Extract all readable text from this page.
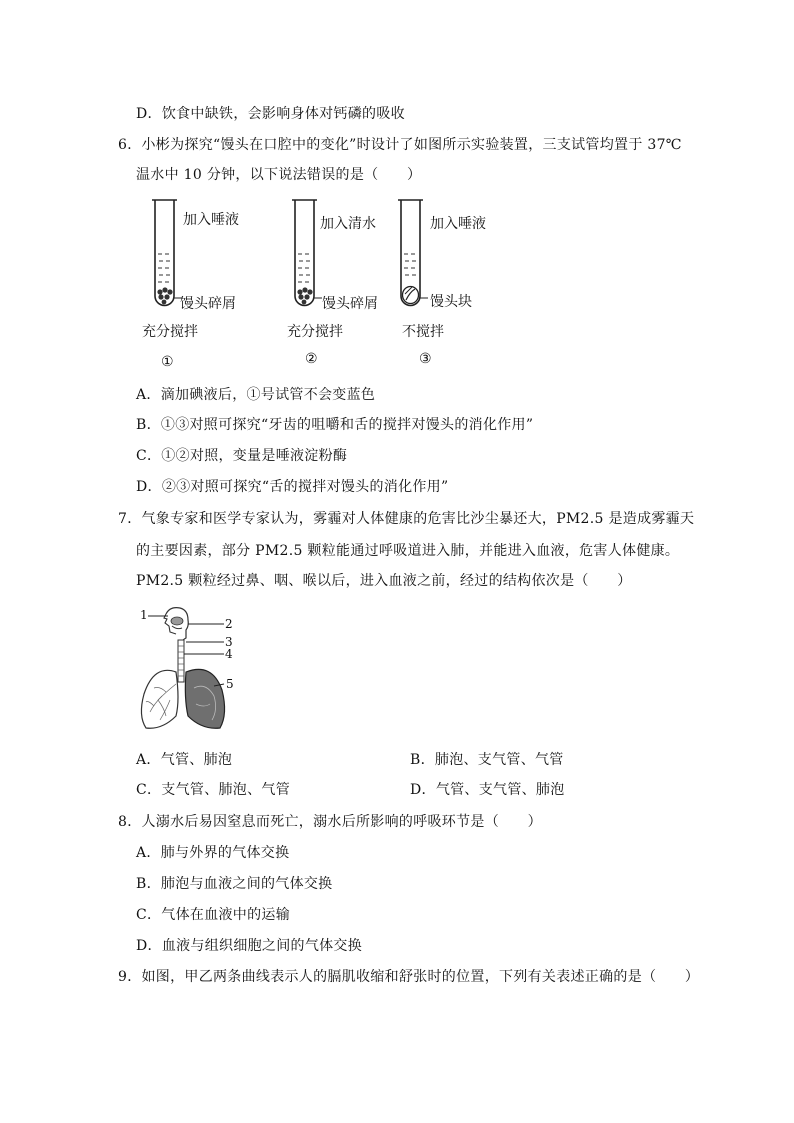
D．饮食中缺铁，会影响身体对钙磷的吸收
6．小彬为探究“馒头在口腔中的变化”时设计了如图所示实验装置，三支试管均置于 37℃
温水中 10 分钟，以下说法错误的是（　　）
加入唾液
馒头碎屑
充分搅拌
①
加入清水
馒头碎屑
充分搅拌
②
加入唾液
馒头块
不搅拌
③
A．滴加碘液后，①号试管不会变蓝色
B．①③对照可探究“牙齿的咀嚼和舌的搅拌对馒头的消化作用”
C．①②对照，变量是唾液淀粉酶
D．②③对照可探究“舌的搅拌对馒头的消化作用”
7．气象专家和医学专家认为，雾霾对人体健康的危害比沙尘暴还大，PM2.5 是造成雾霾天
的主要因素，部分 PM2.5 颗粒能通过呼吸道进入肺，并能进入血液，危害人体健康。
PM2.5 颗粒经过鼻、咽、喉以后，进入血液之前，经过的结构依次是（　　）
1
2
3
4
5
A．气管、肺泡	B．肺泡、支气管、气管
C．支气管、肺泡、气管	D．气管、支气管、肺泡
8．人溺水后易因窒息而死亡，溺水后所影响的呼吸环节是（　　）
A．肺与外界的气体交换
B．肺泡与血液之间的气体交换
C．气体在血液中的运输
D．血液与组织细胞之间的气体交换
9．如图，甲乙两条曲线表示人的膈肌收缩和舒张时的位置，下列有关表述正确的是（　　）
